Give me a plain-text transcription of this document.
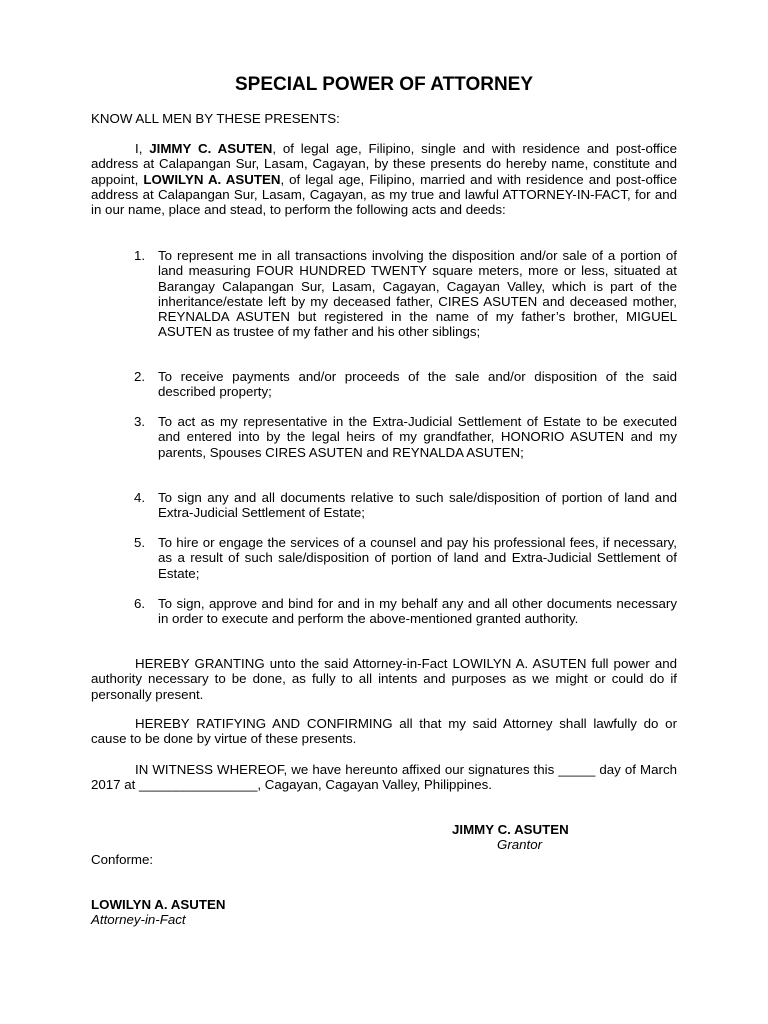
SPECIAL POWER OF ATTORNEY
KNOW ALL MEN BY THESE PRESENTS:
I, JIMMY C. ASUTEN, of legal age, Filipino, single and with residence and post-office address at Calapangan Sur, Lasam, Cagayan, by these presents do hereby name, constitute and appoint, LOWILYN A. ASUTEN, of legal age, Filipino, married and with residence and post-office address at Calapangan Sur, Lasam, Cagayan, as my true and lawful ATTORNEY-IN-FACT, for and in our name, place and stead, to perform the following acts and deeds:
1. To represent me in all transactions involving the disposition and/or sale of a portion of land measuring FOUR HUNDRED TWENTY square meters, more or less, situated at Barangay Calapangan Sur, Lasam, Cagayan, Cagayan Valley, which is part of the inheritance/estate left by my deceased father, CIRES ASUTEN and deceased mother, REYNALDA ASUTEN but registered in the name of my father’s brother, MIGUEL ASUTEN as trustee of my father and his other siblings;
2. To receive payments and/or proceeds of the sale and/or disposition of the said described property;
3. To act as my representative in the Extra-Judicial Settlement of Estate to be executed and entered into by the legal heirs of my grandfather, HONORIO ASUTEN and my parents, Spouses CIRES ASUTEN and REYNALDA ASUTEN;
4. To sign any and all documents relative to such sale/disposition of portion of land and Extra-Judicial Settlement of Estate;
5. To hire or engage the services of a counsel and pay his professional fees, if necessary, as a result of such sale/disposition of portion of land and Extra-Judicial Settlement of Estate;
6. To sign, approve and bind for and in my behalf any and all other documents necessary in order to execute and perform the above-mentioned granted authority.
HEREBY GRANTING unto the said Attorney-in-Fact LOWILYN A. ASUTEN full power and authority necessary to be done, as fully to all intents and purposes as we might or could do if personally present.
HEREBY RATIFYING AND CONFIRMING all that my said Attorney shall lawfully do or cause to be done by virtue of these presents.
IN WITNESS WHEREOF, we have hereunto affixed our signatures this _____ day of March 2017 at ________________, Cagayan, Cagayan Valley, Philippines.
JIMMY C. ASUTEN
Grantor
Conforme:
LOWILYN A. ASUTEN
Attorney-in-Fact
